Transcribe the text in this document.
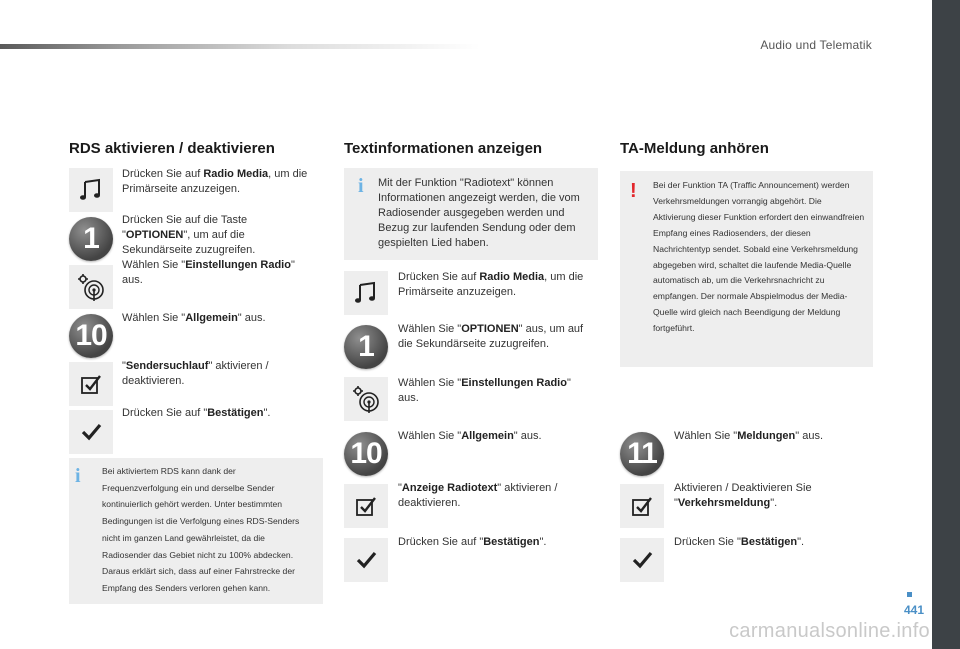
Audio und Telematik
RDS aktivieren / deaktivieren
Drücken Sie auf Radio Media, um die Primärseite anzuzeigen.
1
Drücken Sie auf die Taste "OPTIONEN", um auf die Sekundärseite zuzugreifen.
Wählen Sie "Einstellungen Radio" aus.
10
Wählen Sie "Allgemein" aus.
"Sendersuchlauf" aktivieren / deaktivieren.
Drücken Sie auf "Bestätigen".
i Bei aktiviertem RDS kann dank der Frequenzverfolgung ein und derselbe Sender kontinuierlich gehört werden. Unter bestimmten Bedingungen ist die Verfolgung eines RDS-Senders nicht im ganzen Land gewährleistet, da die Radiosender das Gebiet nicht zu 100% abdecken. Daraus erklärt sich, dass auf einer Fahrstrecke der Empfang des Senders verloren gehen kann.
Textinformationen anzeigen
i Mit der Funktion "Radiotext" können Informationen angezeigt werden, die vom Radiosender ausgegeben werden und Bezug zur laufenden Sendung oder dem gespielten Lied haben.
Drücken Sie auf Radio Media, um die Primärseite anzuzeigen.
1
Wählen Sie "OPTIONEN" aus, um auf die Sekundärseite zuzugreifen.
Wählen Sie "Einstellungen Radio" aus.
10
Wählen Sie "Allgemein" aus.
"Anzeige Radiotext" aktivieren / deaktivieren.
Drücken Sie auf "Bestätigen".
TA-Meldung anhören
! Bei der Funktion TA (Traffic Announcement) werden Verkehrsmeldungen vorrangig abgehört. Die Aktivierung dieser Funktion erfordert den einwandfreien Empfang eines Radiosenders, der diesen Nachrichtentyp sendet. Sobald eine Verkehrsmeldung abgegeben wird, schaltet die laufende Media-Quelle automatisch ab, um die Verkehrsnachricht zu empfangen. Der normale Abspielmodus der Media-Quelle wird gleich nach Beendigung der Meldung fortgeführt.
11
Wählen Sie "Meldungen" aus.
Aktivieren / Deaktivieren Sie "Verkehrsmeldung".
Drücken Sie "Bestätigen".
441
carmanualsonline.info
